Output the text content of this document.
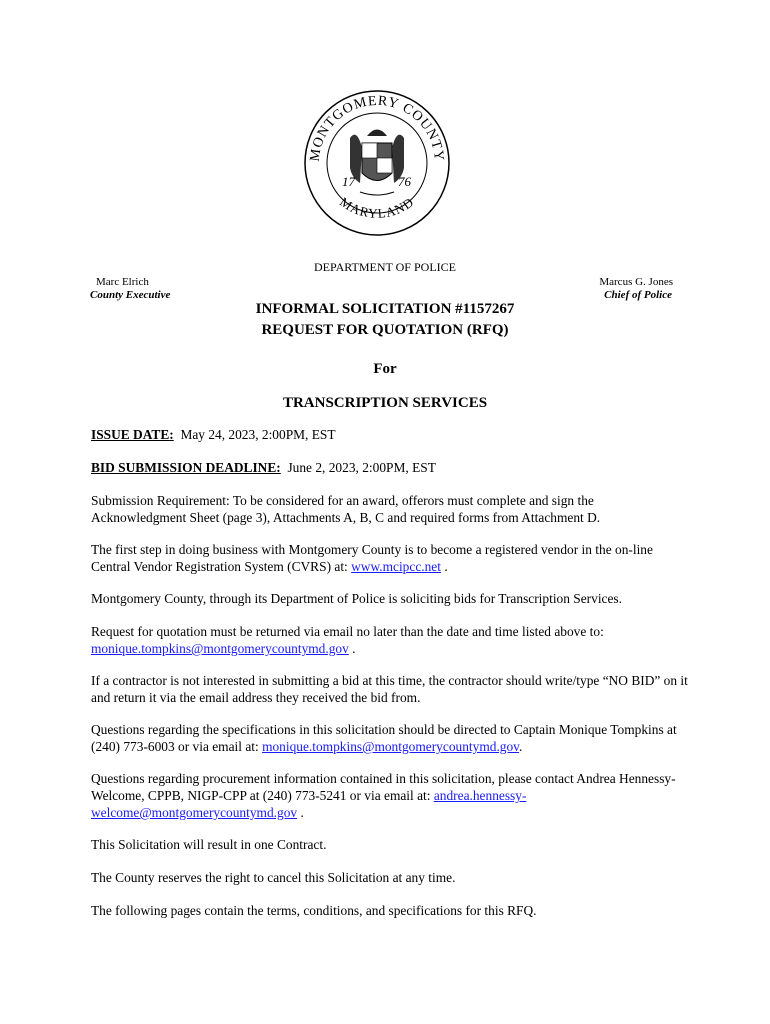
MONTGOMERY COUNTY
MARYLAND
17	76
DEPARTMENT OF POLICE
Marc Elrich
County Executive
Marcus G. Jones
Chief of Police
INFORMAL SOLICITATION #1157267
REQUEST FOR QUOTATION (RFQ)
For
TRANSCRIPTION SERVICES
ISSUE DATE: May 24, 2023, 2:00PM, EST
BID SUBMISSION DEADLINE: June 2, 2023, 2:00PM, EST
Submission Requirement: To be considered for an award, offerors must complete and sign the Acknowledgment Sheet (page 3), Attachments A, B, C and required forms from Attachment D.
The first step in doing business with Montgomery County is to become a registered vendor in the on-line Central Vendor Registration System (CVRS) at: www.mcipcc.net .
Montgomery County, through its Department of Police is soliciting bids for Transcription Services.
Request for quotation must be returned via email no later than the date and time listed above to:
monique.tompkins@montgomerycountymd.gov .
If a contractor is not interested in submitting a bid at this time, the contractor should write/type “NO BID” on it and return it via the email address they received the bid from.
Questions regarding the specifications in this solicitation should be directed to Captain Monique Tompkins at (240) 773-6003 or via email at: monique.tompkins@montgomerycountymd.gov.
Questions regarding procurement information contained in this solicitation, please contact Andrea Hennessy-Welcome, CPPB, NIGP-CPP at (240) 773-5241 or via email at: andrea.hennessy-welcome@montgomerycountymd.gov .
This Solicitation will result in one Contract.
The County reserves the right to cancel this Solicitation at any time.
The following pages contain the terms, conditions, and specifications for this RFQ.
